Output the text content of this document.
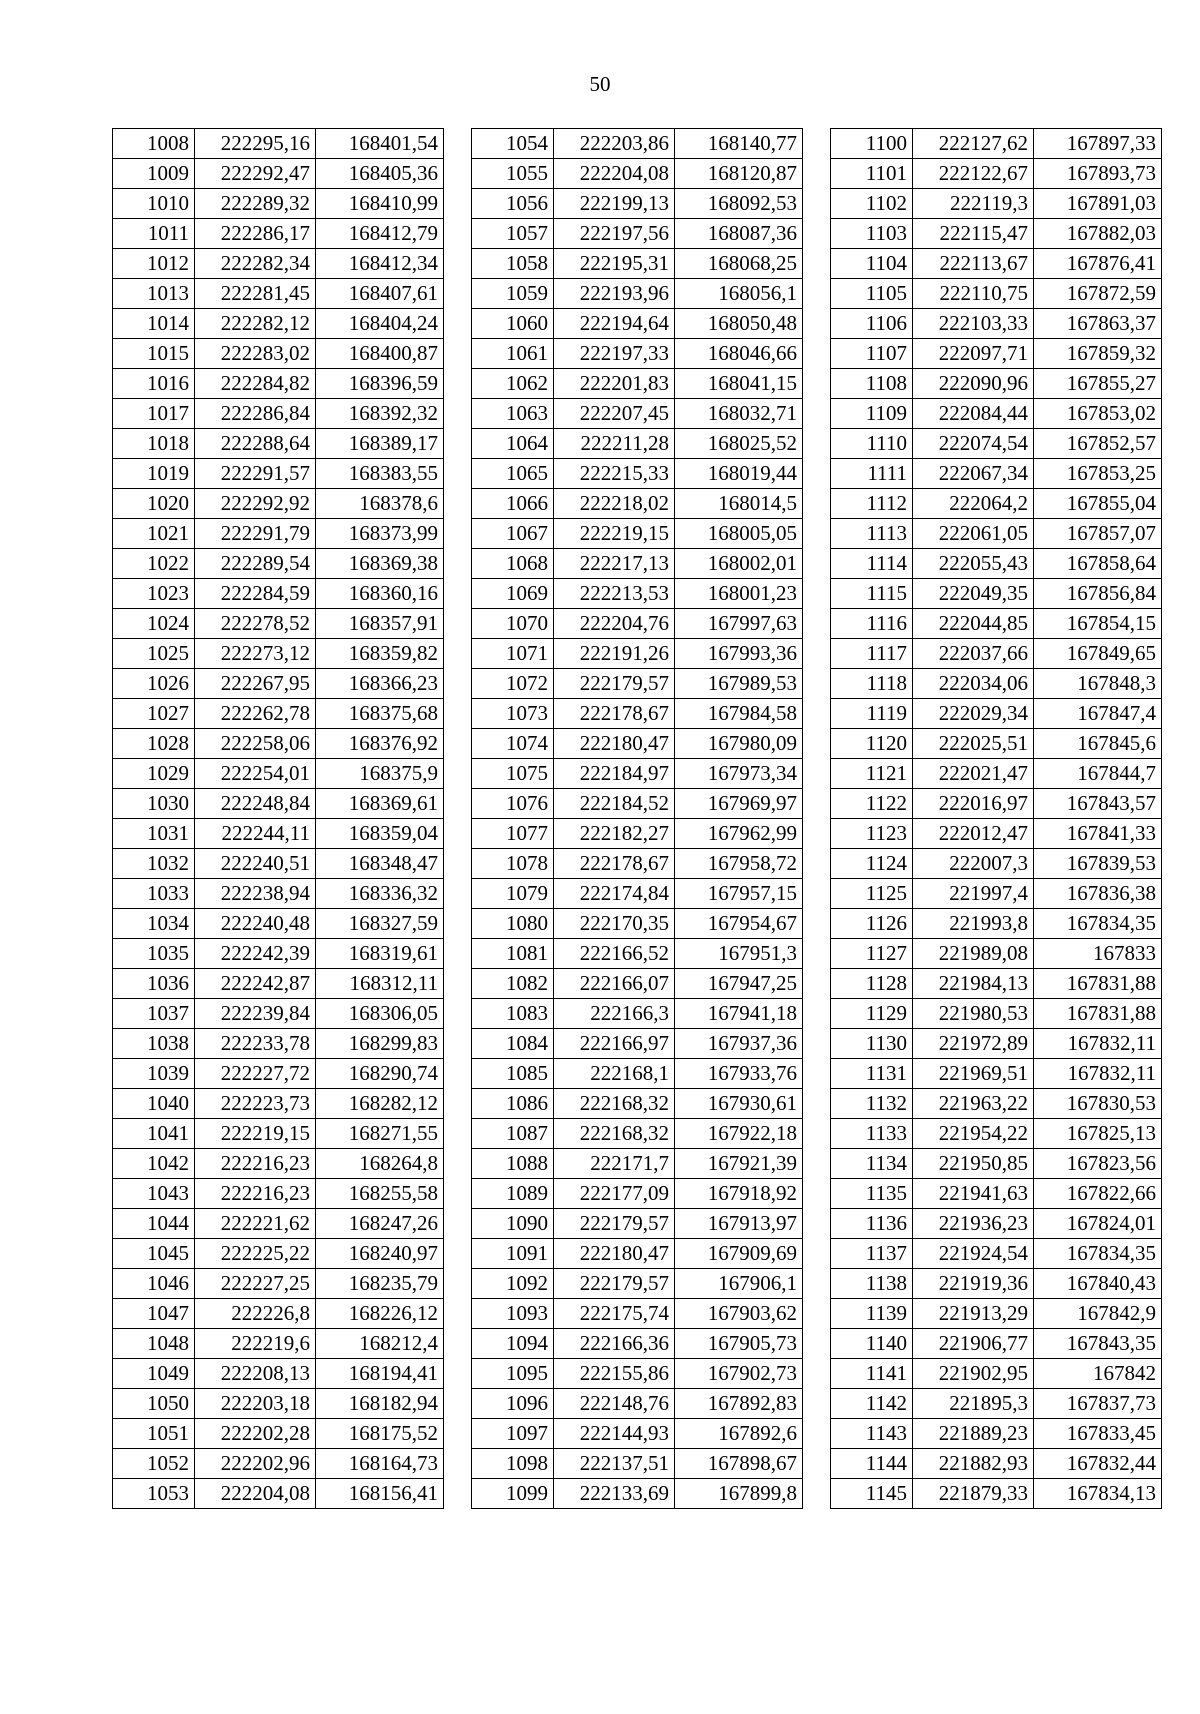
50
1008	222295,16	168401,54
1009	222292,47	168405,36
1010	222289,32	168410,99
1011	222286,17	168412,79
1012	222282,34	168412,34
1013	222281,45	168407,61
1014	222282,12	168404,24
1015	222283,02	168400,87
1016	222284,82	168396,59
1017	222286,84	168392,32
1018	222288,64	168389,17
1019	222291,57	168383,55
1020	222292,92	168378,6
1021	222291,79	168373,99
1022	222289,54	168369,38
1023	222284,59	168360,16
1024	222278,52	168357,91
1025	222273,12	168359,82
1026	222267,95	168366,23
1027	222262,78	168375,68
1028	222258,06	168376,92
1029	222254,01	168375,9
1030	222248,84	168369,61
1031	222244,11	168359,04
1032	222240,51	168348,47
1033	222238,94	168336,32
1034	222240,48	168327,59
1035	222242,39	168319,61
1036	222242,87	168312,11
1037	222239,84	168306,05
1038	222233,78	168299,83
1039	222227,72	168290,74
1040	222223,73	168282,12
1041	222219,15	168271,55
1042	222216,23	168264,8
1043	222216,23	168255,58
1044	222221,62	168247,26
1045	222225,22	168240,97
1046	222227,25	168235,79
1047	222226,8	168226,12
1048	222219,6	168212,4
1049	222208,13	168194,41
1050	222203,18	168182,94
1051	222202,28	168175,52
1052	222202,96	168164,73
1053	222204,08	168156,41
1054	222203,86	168140,77
1055	222204,08	168120,87
1056	222199,13	168092,53
1057	222197,56	168087,36
1058	222195,31	168068,25
1059	222193,96	168056,1
1060	222194,64	168050,48
1061	222197,33	168046,66
1062	222201,83	168041,15
1063	222207,45	168032,71
1064	222211,28	168025,52
1065	222215,33	168019,44
1066	222218,02	168014,5
1067	222219,15	168005,05
1068	222217,13	168002,01
1069	222213,53	168001,23
1070	222204,76	167997,63
1071	222191,26	167993,36
1072	222179,57	167989,53
1073	222178,67	167984,58
1074	222180,47	167980,09
1075	222184,97	167973,34
1076	222184,52	167969,97
1077	222182,27	167962,99
1078	222178,67	167958,72
1079	222174,84	167957,15
1080	222170,35	167954,67
1081	222166,52	167951,3
1082	222166,07	167947,25
1083	222166,3	167941,18
1084	222166,97	167937,36
1085	222168,1	167933,76
1086	222168,32	167930,61
1087	222168,32	167922,18
1088	222171,7	167921,39
1089	222177,09	167918,92
1090	222179,57	167913,97
1091	222180,47	167909,69
1092	222179,57	167906,1
1093	222175,74	167903,62
1094	222166,36	167905,73
1095	222155,86	167902,73
1096	222148,76	167892,83
1097	222144,93	167892,6
1098	222137,51	167898,67
1099	222133,69	167899,8
1100	222127,62	167897,33
1101	222122,67	167893,73
1102	222119,3	167891,03
1103	222115,47	167882,03
1104	222113,67	167876,41
1105	222110,75	167872,59
1106	222103,33	167863,37
1107	222097,71	167859,32
1108	222090,96	167855,27
1109	222084,44	167853,02
1110	222074,54	167852,57
1111	222067,34	167853,25
1112	222064,2	167855,04
1113	222061,05	167857,07
1114	222055,43	167858,64
1115	222049,35	167856,84
1116	222044,85	167854,15
1117	222037,66	167849,65
1118	222034,06	167848,3
1119	222029,34	167847,4
1120	222025,51	167845,6
1121	222021,47	167844,7
1122	222016,97	167843,57
1123	222012,47	167841,33
1124	222007,3	167839,53
1125	221997,4	167836,38
1126	221993,8	167834,35
1127	221989,08	167833
1128	221984,13	167831,88
1129	221980,53	167831,88
1130	221972,89	167832,11
1131	221969,51	167832,11
1132	221963,22	167830,53
1133	221954,22	167825,13
1134	221950,85	167823,56
1135	221941,63	167822,66
1136	221936,23	167824,01
1137	221924,54	167834,35
1138	221919,36	167840,43
1139	221913,29	167842,9
1140	221906,77	167843,35
1141	221902,95	167842
1142	221895,3	167837,73
1143	221889,23	167833,45
1144	221882,93	167832,44
1145	221879,33	167834,13
